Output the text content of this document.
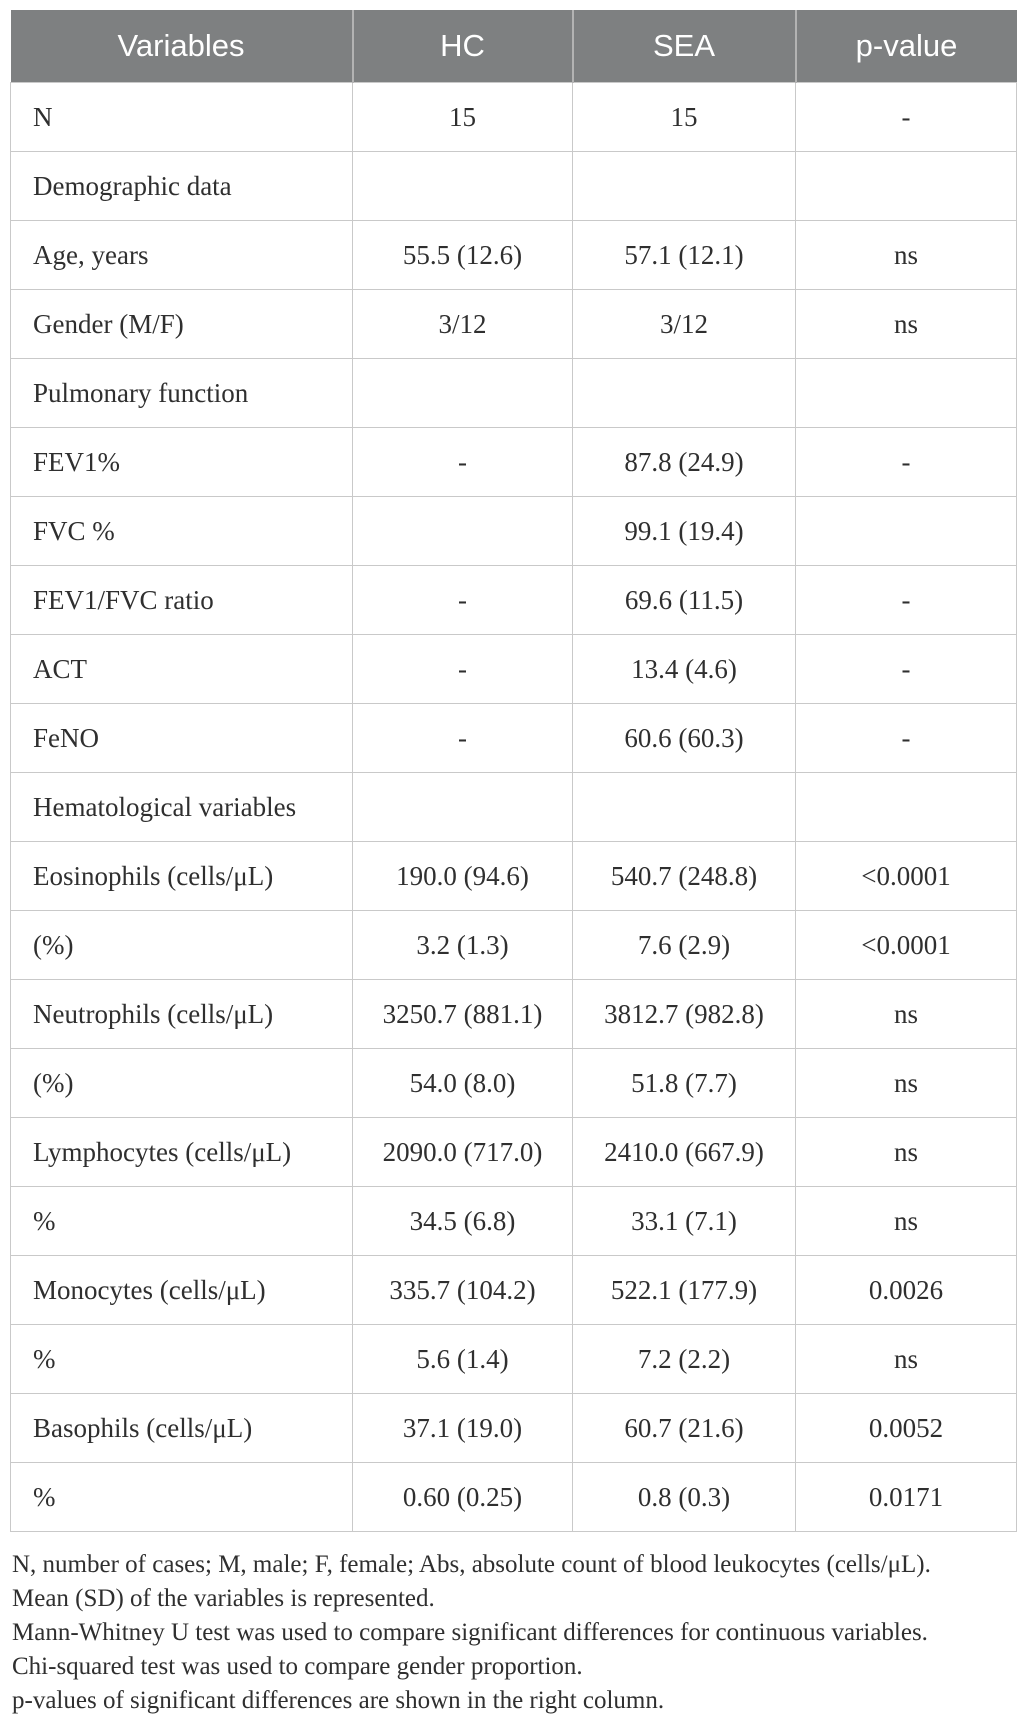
Variables	HC	SEA	p-value
N	15	15	-
Demographic data			
Age, years	55.5 (12.6)	57.1 (12.1)	ns
Gender (M/F)	3/12	3/12	ns
Pulmonary function			
FEV1%	-	87.8 (24.9)	-
FVC %		99.1 (19.4)	
FEV1/FVC ratio	-	69.6 (11.5)	-
ACT	-	13.4 (4.6)	-
FeNO	-	60.6 (60.3)	-
Hematological variables			
Eosinophils (cells/μL)	190.0 (94.6)	540.7 (248.8)	<0.0001
(%)	3.2 (1.3)	7.6 (2.9)	<0.0001
Neutrophils (cells/μL)	3250.7 (881.1)	3812.7 (982.8)	ns
(%)	54.0 (8.0)	51.8 (7.7)	ns
Lymphocytes (cells/μL)	2090.0 (717.0)	2410.0 (667.9)	ns
%	34.5 (6.8)	33.1 (7.1)	ns
Monocytes (cells/μL)	335.7 (104.2)	522.1 (177.9)	0.0026
%	5.6 (1.4)	7.2 (2.2)	ns
Basophils (cells/μL)	37.1 (19.0)	60.7 (21.6)	0.0052
%	0.60 (0.25)	0.8 (0.3)	0.0171

N, number of cases; M, male; F, female; Abs, absolute count of blood leukocytes (cells/μL).

Mean (SD) of the variables is represented.

Mann-Whitney U test was used to compare significant differences for continuous variables.

Chi-squared test was used to compare gender proportion.

p-values of significant differences are shown in the right column.
